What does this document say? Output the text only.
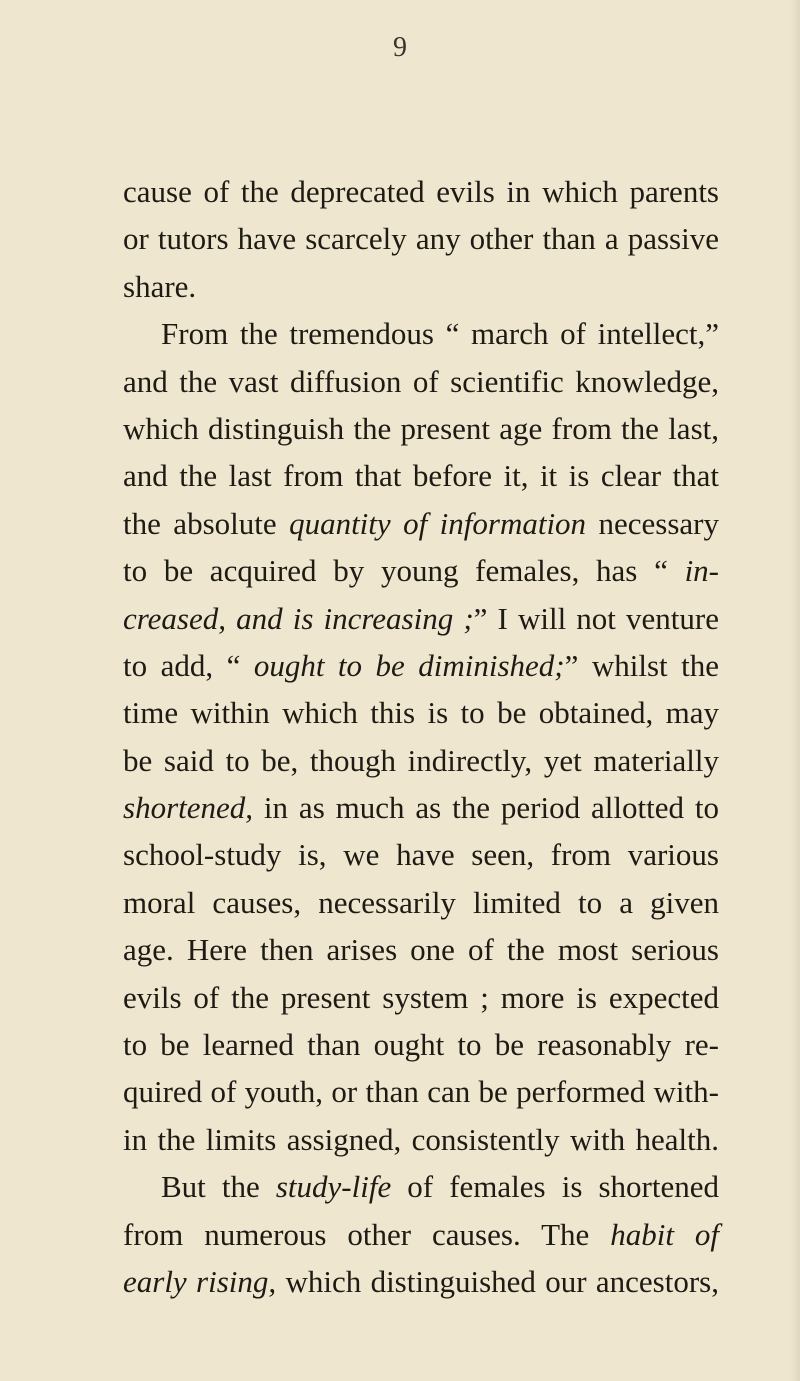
9
cause of the deprecated evils in which parents
or tutors have scarcely any other than a passive
share.
From the tremendous “ march of intellect,”
and the vast diffusion of scientific knowledge,
which distinguish the present age from the last,
and the last from that before it, it is clear that
the absolute quantity of information necessary
to be acquired by young females, has “ in-
creased, and is increasing ;” I will not venture
to add, “ ought to be diminished;” whilst the
time within which this is to be obtained, may
be said to be, though indirectly, yet materially
shortened, in as much as the period allotted to
school-study is, we have seen, from various
moral causes, necessarily limited to a given
age. Here then arises one of the most serious
evils of the present system ; more is expected
to be learned than ought to be reasonably re-
quired of youth, or than can be performed with-
in the limits assigned, consistently with health.
But the study-life of females is shortened
from numerous other causes. The habit of
early rising, which distinguished our ancestors,
